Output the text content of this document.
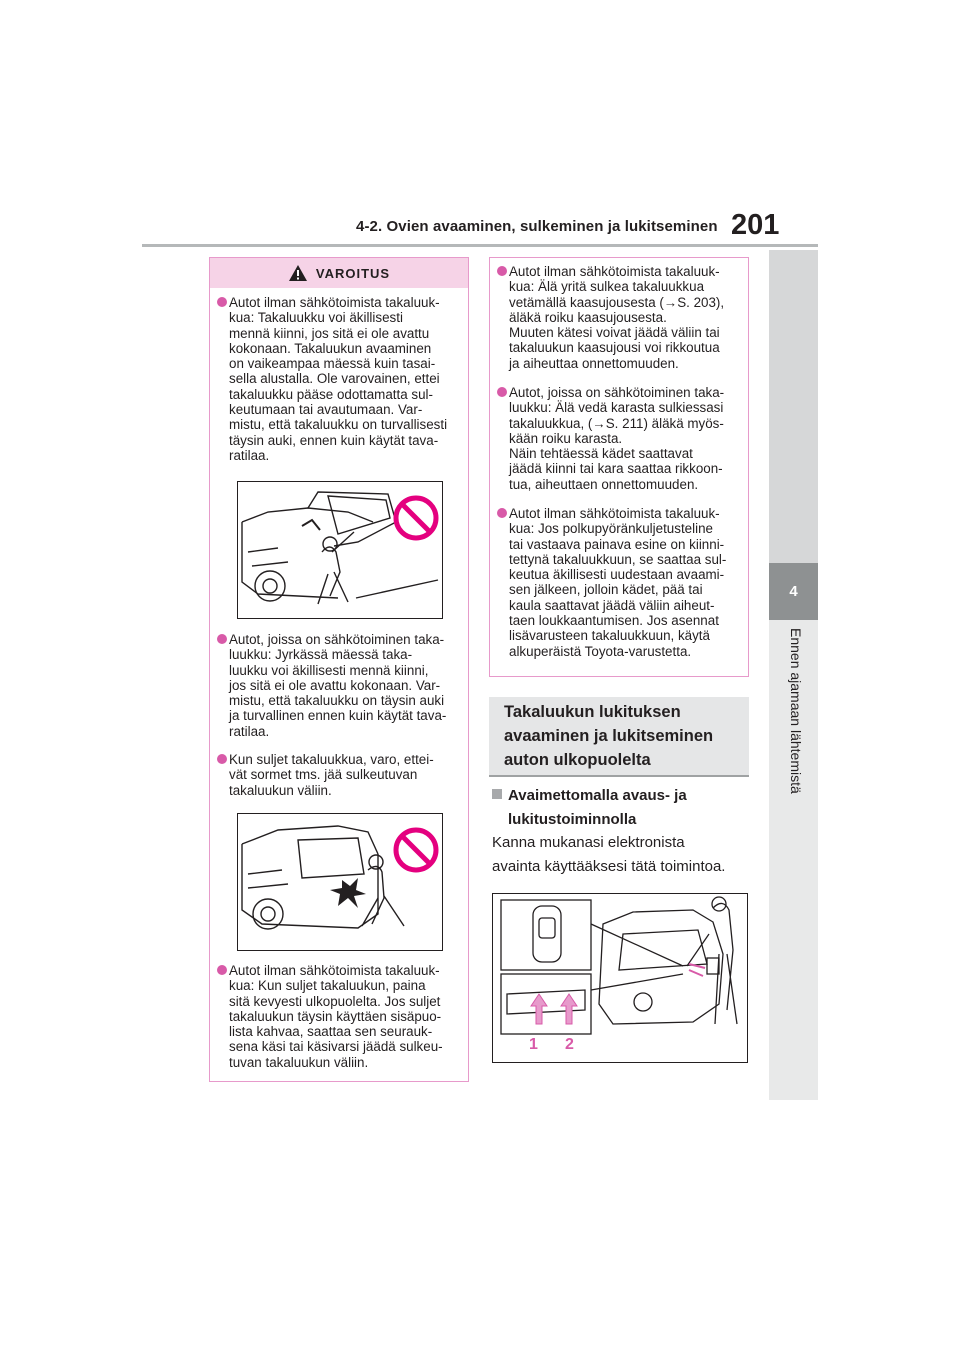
4-2. Ovien avaaminen, sulkeminen ja lukitseminen 201
4
Ennen ajamaan lähtemistä
VAROITUS
Autot ilman sähkötoimista takaluuk-
kua: Takaluukku voi äkillisesti
mennä kiinni, jos sitä ei ole avattu
kokonaan. Takaluukun avaaminen
on vaikeampaa mäessä kuin tasai-
sella alustalla. Ole varovainen, ettei
takaluukku pääse odottamatta sul-
keutumaan tai avautumaan. Var-
mistu, että takaluukku on turvallisesti
täysin auki, ennen kuin käytät tava-
ratilaa.
Autot, joissa on sähkötoiminen taka-
luukku: Jyrkässä mäessä taka-
luukku voi äkillisesti mennä kiinni,
jos sitä ei ole avattu kokonaan. Var-
mistu, että takaluukku on täysin auki
ja turvallinen ennen kuin käytät tava-
ratilaa.
Kun suljet takaluukkua, varo, ettei-
vät sormet tms. jää sulkeutuvan
takaluukun väliin.
Autot ilman sähkötoimista takaluuk-
kua: Kun suljet takaluukun, paina
sitä kevyesti ulkopuolelta. Jos suljet
takaluukun täysin käyttäen sisäpuo-
lista kahvaa, saattaa sen seurauk-
sena käsi tai käsivarsi jäädä sulkeu-
tuvan takaluukun väliin.
Autot ilman sähkötoimista takaluuk-
kua: Älä yritä sulkea takaluukkua
vetämällä kaasujousesta (→S. 203),
äläkä roiku kaasujousesta.
Muuten kätesi voivat jäädä väliin tai
takaluukun kaasujousi voi rikkoutua
ja aiheuttaa onnettomuuden.
Autot, joissa on sähkötoiminen taka-
luukku: Älä vedä karasta sulkiessasi
takaluukkua, (→S. 211) äläkä myös-
kään roiku karasta.
Näin tehtäessä kädet saattavat
jäädä kiinni tai kara saattaa rikkoon-
tua, aiheuttaen onnettomuuden.
Autot ilman sähkötoimista takaluuk-
kua: Jos polkupyöränkuljetusteline
tai vastaava painava esine on kiinni-
tettynä takaluukkuun, se saattaa sul-
keutua äkillisesti uudestaan avaami-
sen jälkeen, jolloin kädet, pää tai
kaula saattavat jäädä väliin aiheut-
taen loukkaantumisen. Jos asennat
lisävarusteen takaluukkuun, käytä
alkuperäistä Toyota-varustetta.
Takaluukun lukituksen
avaaminen ja lukitseminen
auton ulkopuolelta
Avaimettomalla avaus- ja
lukitustoiminnolla
Kanna mukanasi elektronista
avainta käyttääksesi tätä toimintoa.
1 2
